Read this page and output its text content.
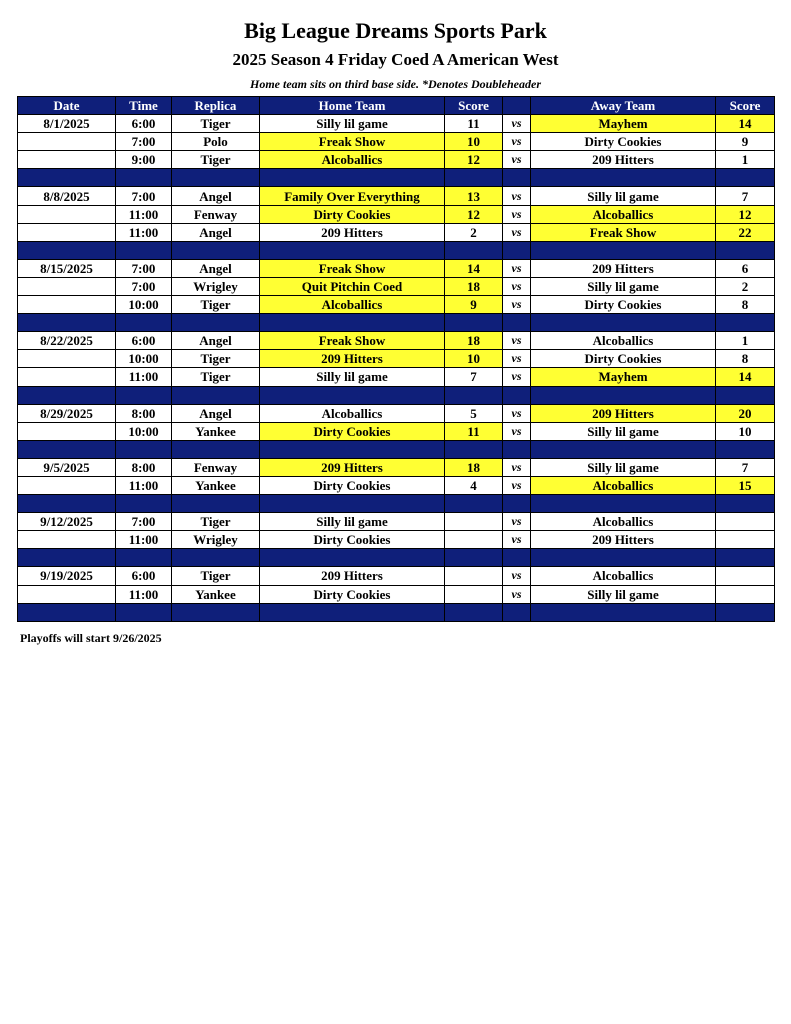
Big League Dreams Sports Park
2025 Season 4 Friday Coed A American West
Home team sits on third base side. *Denotes Doubleheader
Date	Time	Replica	Home Team	Score		Away Team	Score
8/1/2025	6:00	Tiger	Silly lil game	11	vs	Mayhem	14
	7:00	Polo	Freak Show	10	vs	Dirty Cookies	9
	9:00	Tiger	Alcoballics	12	vs	209 Hitters	1

8/8/2025	7:00	Angel	Family Over Everything	13	vs	Silly lil game	7
	11:00	Fenway	Dirty Cookies	12	vs	Alcoballics	12
	11:00	Angel	209 Hitters	2	vs	Freak Show	22

8/15/2025	7:00	Angel	Freak Show	14	vs	209 Hitters	6
	7:00	Wrigley	Quit Pitchin Coed	18	vs	Silly lil game	2
	10:00	Tiger	Alcoballics	9	vs	Dirty Cookies	8

8/22/2025	6:00	Angel	Freak Show	18	vs	Alcoballics	1
	10:00	Tiger	209 Hitters	10	vs	Dirty Cookies	8
	11:00	Tiger	Silly lil game	7	vs	Mayhem	14

8/29/2025	8:00	Angel	Alcoballics	5	vs	209 Hitters	20
	10:00	Yankee	Dirty Cookies	11	vs	Silly lil game	10

9/5/2025	8:00	Fenway	209 Hitters	18	vs	Silly lil game	7
	11:00	Yankee	Dirty Cookies	4	vs	Alcoballics	15

9/12/2025	7:00	Tiger	Silly lil game		vs	Alcoballics	
	11:00	Wrigley	Dirty Cookies		vs	209 Hitters	

9/19/2025	6:00	Tiger	209 Hitters		vs	Alcoballics	
	11:00	Yankee	Dirty Cookies		vs	Silly lil game	

Playoffs will start 9/26/2025
